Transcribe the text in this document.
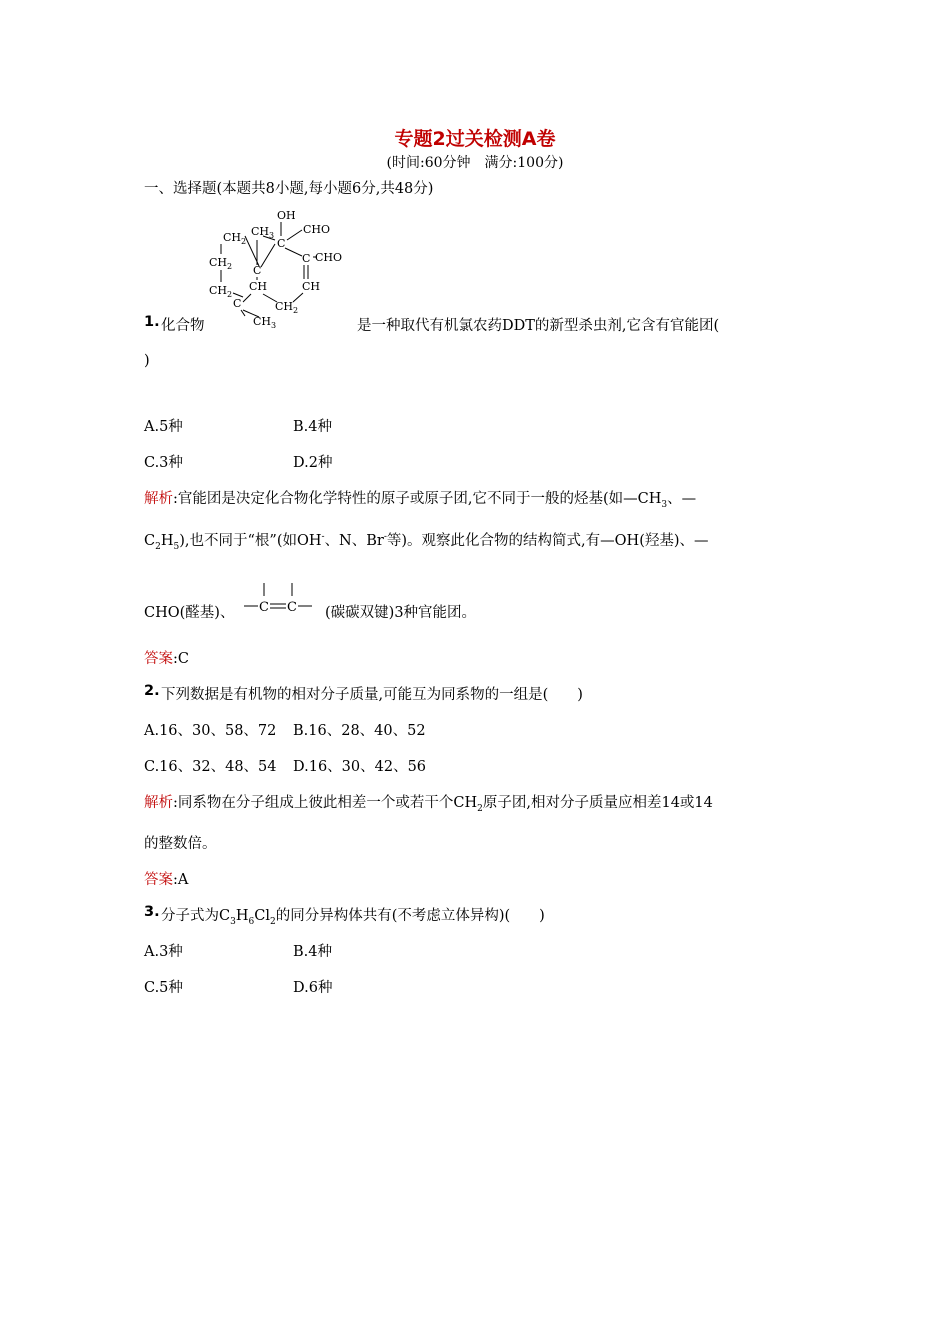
专题2过关检测A卷
(时间:60分钟　满分:100分)
一、选择题(本题共8小题,每小题6分,共48分)
OH
CHO
$CH_2$
$CH_3$
C
C CHO
C
$CH_2$
$CH_2$
CH	CH
C	$CH_2$
$CH_3$
1. 化合物	是一种取代有机氯农药DDT的新型杀虫剂,它含有官能团(
)
A.5种	B.4种
C.3种	D.2种
解析:官能团是决定化合物化学特性的原子或原子团,它不同于一般的烃基(如$—CH_3$、—
$C_2H_5$),也不同于“根”(如OH-、N、Br-等)。观察此化合物的结构简式,有—OH(羟基)、—
CHO(醛基)、 C C (碳碳双键)3种官能团。
答案:C
2. 下列数据是有机物的相对分子质量,可能互为同系物的一组是(　　)
A.16、30、58、72 B.16、28、40、52
C.16、32、48、54 D.16、30、42、56
解析:同系物在分子组成上彼此相差一个或若干个$CH_2$原子团,相对分子质量应相差14或14
的整数倍。
答案:A
3. 分子式为$C_3H_6Cl_2$的同分异构体共有(不考虑立体异构)(　　)
A.3种	B.4种
C.5种	D.6种
